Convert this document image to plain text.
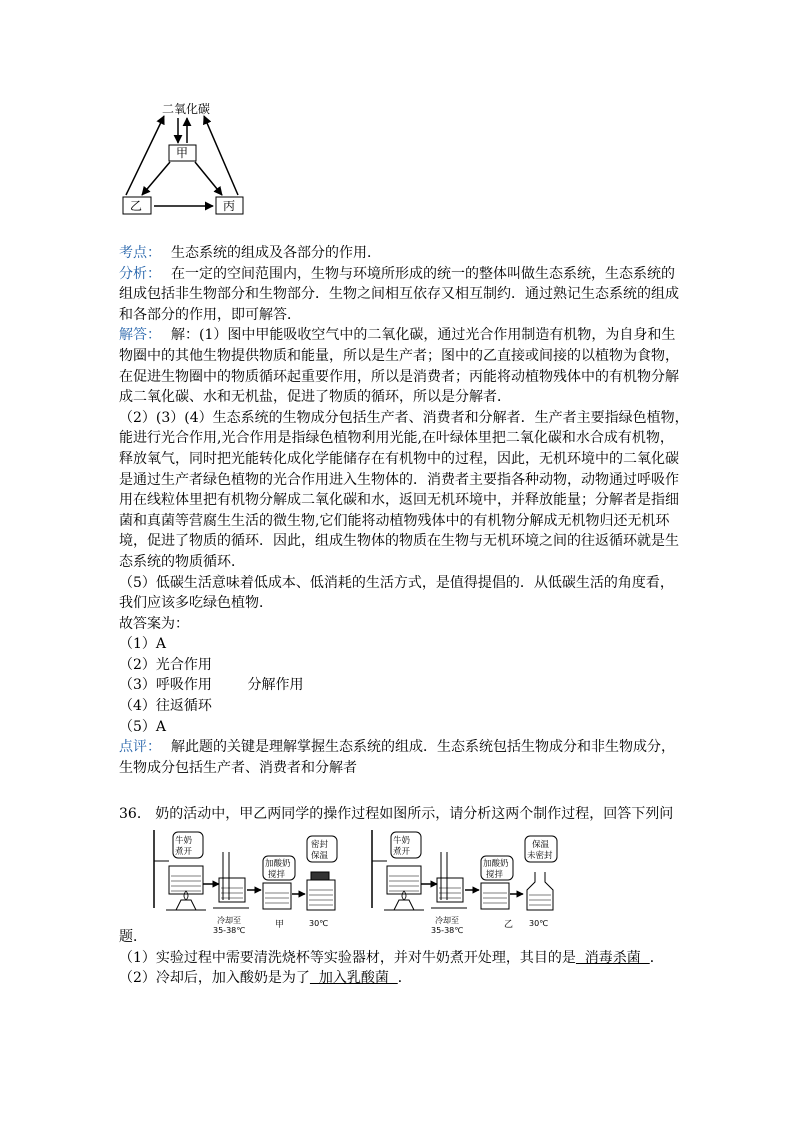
二氧化碳
甲
乙	丙
考点： 生态系统的组成及各部分的作用．
分析： 在一定的空间范围内，生物与环境所形成的统一的整体叫做生态系统，生态系统的
组成包括非生物部分和生物部分．生物之间相互依存又相互制约．通过熟记生态系统的组成
和各部分的作用，即可解答．
解答： 解：(1）图中甲能吸收空气中的二氧化碳，通过光合作用制造有机物，为自身和生
物圈中的其他生物提供物质和能量，所以是生产者；图中的乙直接或间接的以植物为食物，
在促进生物圈中的物质循环起重要作用，所以是消费者；丙能将动植物残体中的有机物分解
成二氧化碳、水和无机盐，促进了物质的循环，所以是分解者．
（2）(3）(4）生态系统的生物成分包括生产者、消费者和分解者．生产者主要指绿色植物，
能进行光合作用,光合作用是指绿色植物利用光能,在叶绿体里把二氧化碳和水合成有机物，
释放氧气，同时把光能转化成化学能储存在有机物中的过程，因此，无机环境中的二氧化碳
是通过生产者绿色植物的光合作用进入生物体的．消费者主要指各种动物，动物通过呼吸作
用在线粒体里把有机物分解成二氧化碳和水，返回无机环境中，并释放能量；分解者是指细
菌和真菌等营腐生生活的微生物,它们能将动植物残体中的有机物分解成无机物归还无机环
境，促进了物质的循环．因此，组成生物体的物质在生物与无机环境之间的往返循环就是生
态系统的物质循环．
（5）低碳生活意味着低成本、低消耗的生活方式，是值得提倡的．从低碳生活的角度看，
我们应该多吃绿色植物．
故答案为：
（1）A
（2）光合作用
（3）呼吸作用        分解作用
（4）往返循环
（5）A
点评： 解此题的关键是理解掌握生态系统的组成．生态系统包括生物成分和非生物成分，
生物成分包括生产者、消费者和分解者
36． 奶的活动中，甲乙两同学的操作过程如图所示，请分析这两个制作过程，回答下列问
牛奶
煮开
冷却至
35-38℃
加酸奶
搅拌
甲
密封
保温
30℃
牛奶
煮开
冷却至
35-38℃
加酸奶
搅拌
乙
保温
未密封
30℃
题．
（1）实验过程中需要清洗烧杯等实验器材，并对牛奶煮开处理，其目的是  消毒杀菌  ．
（2）冷却后，加入酸奶是为了  加入乳酸菌  ．
